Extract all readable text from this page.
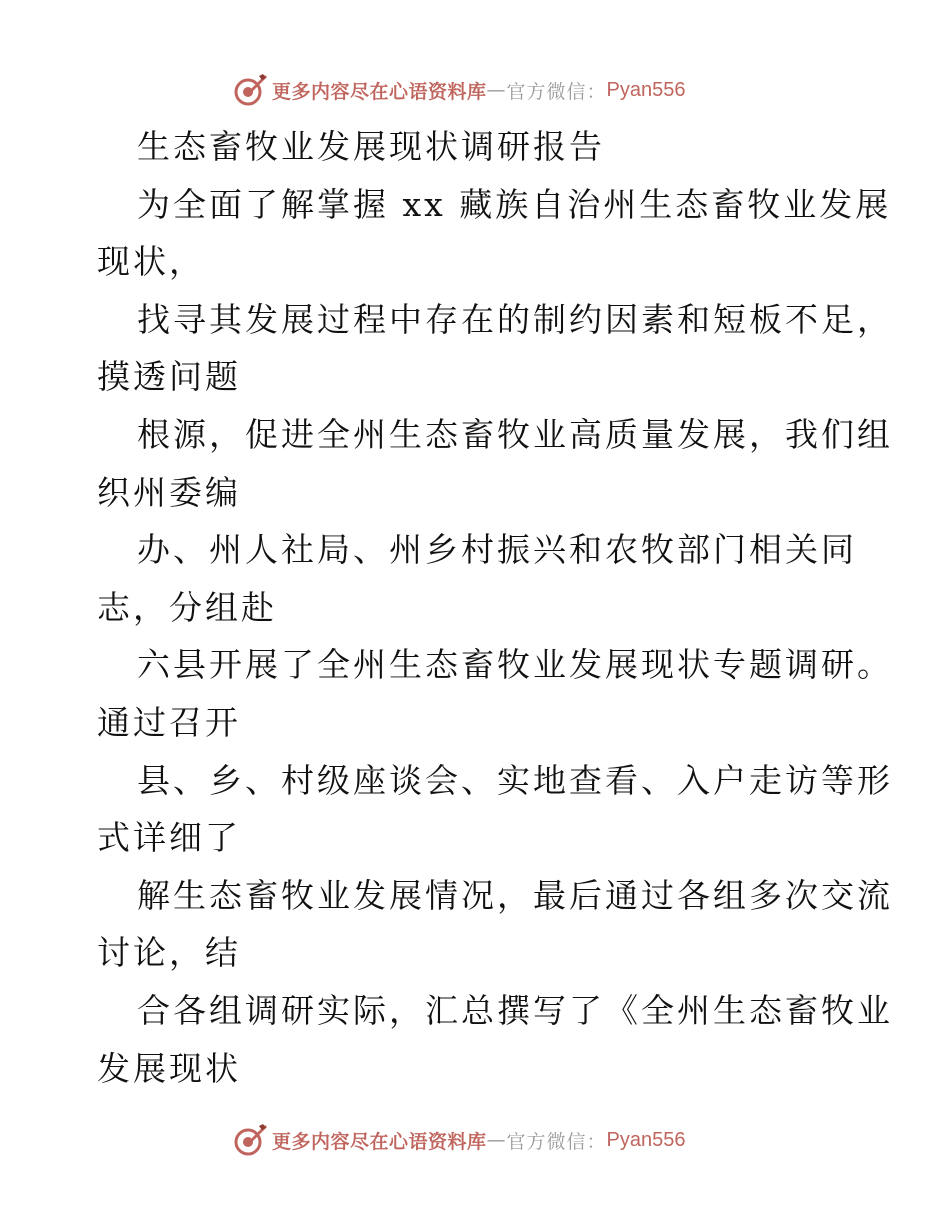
更多内容尽在心语资料库 — 官方微信： Pyan556
生态畜牧业发展现状调研报告
为全面了解掌握 xx 藏族自治州生态畜牧业发展
现状，
找寻其发展过程中存在的制约因素和短板不足，
摸透问题
根源，促进全州生态畜牧业高质量发展，我们组
织州委编
办、州人社局、州乡村振兴和农牧部门相关同
志，分组赴
六县开展了全州生态畜牧业发展现状专题调研。
通过召开
县、乡、村级座谈会、实地查看、入户走访等形
式详细了
解生态畜牧业发展情况，最后通过各组多次交流
讨论，结
合各组调研实际，汇总撰写了《全州生态畜牧业
发展现状
更多内容尽在心语资料库 — 官方微信： Pyan556
